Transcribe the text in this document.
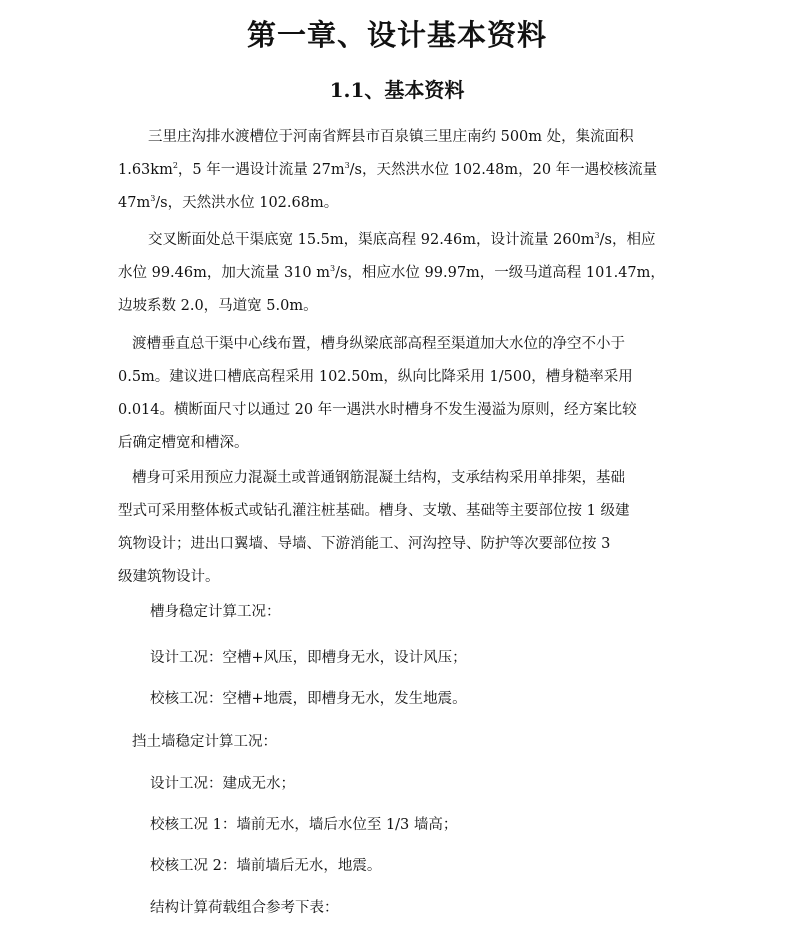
第一章、设计基本资料
1.1、基本资料

三里庄沟排水渡槽位于河南省辉县市百泉镇三里庄南约 500m 处，集流面积
$1.63km^2$，5 年一遇设计流量 $27m^3/s$，天然洪水位 102.48m，20 年一遇校核流量
$47m^3/s$，天然洪水位 102.68m。

交叉断面处总干渠底宽 15.5m，渠底高程 92.46m，设计流量 $260m^3/s$，相应
水位 99.46m，加大流量 310 $m^3/s$，相应水位 99.97m，一级马道高程 101.47m，
边坡系数 2.0，马道宽 5.0m。

渡槽垂直总干渠中心线布置，槽身纵梁底部高程至渠道加大水位的净空不小于
0.5m。建议进口槽底高程采用 102.50m，纵向比降采用 1/500，槽身糙率采用
0.014。横断面尺寸以通过 20 年一遇洪水时槽身不发生漫溢为原则，经方案比较
后确定槽宽和槽深。

槽身可采用预应力混凝土或普通钢筋混凝土结构，支承结构采用单排架，基础
型式可采用整体板式或钻孔灌注桩基础。槽身、支墩、基础等主要部位按 1 级建
筑物设计；进出口翼墙、导墙、下游消能工、河沟控导、防护等次要部位按 3
级建筑物设计。

槽身稳定计算工况：

设计工况：空槽+风压，即槽身无水，设计风压；

校核工况：空槽+地震，即槽身无水，发生地震。

挡土墙稳定计算工况：

设计工况：建成无水；

校核工况 1：墙前无水，墙后水位至 1/3 墙高；

校核工况 2：墙前墙后无水，地震。

结构计算荷载组合参考下表：
